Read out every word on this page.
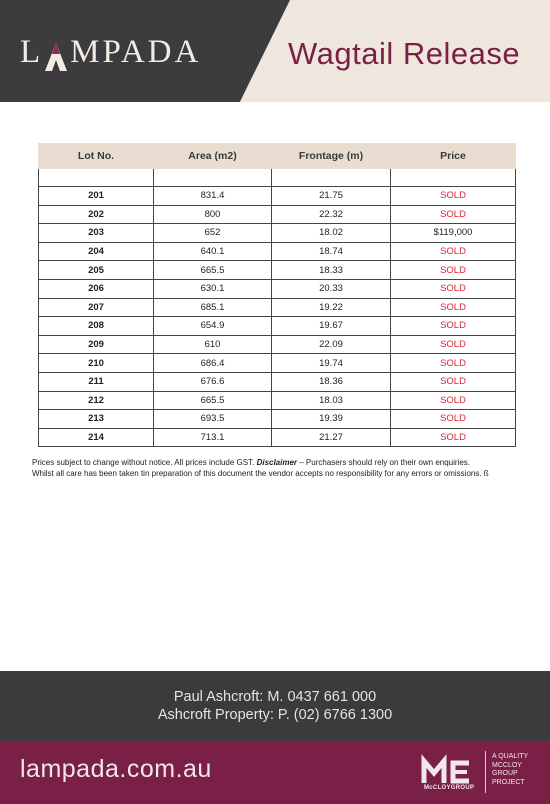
L MPADA	Wagtail Release
Lot No.	Area (m2)	Frontage (m)	Price

201	831.4	21.75	SOLD
202	800	22.32	SOLD
203	652	18.02	$119,000
204	640.1	18.74	SOLD
205	665.5	18.33	SOLD
206	630.1	20.33	SOLD
207	685.1	19.22	SOLD
208	654.9	19.67	SOLD
209	610	22.09	SOLD
210	686.4	19.74	SOLD
211	676.6	18.36	SOLD
212	665.5	18.03	SOLD
213	693.5	19.39	SOLD
214	713.1	21.27	SOLD
Prices subject to change without notice. All prices include GST. Disclaimer – Purchasers should rely on their own enquiries.
Whilst all care has been taken tin preparation of this document the vendor accepts no responsibility for any errors or omissions. ß
Paul Ashcroft: M. 0437 661 000
Ashcroft Property: P. (02) 6766 1300
lampada.com.au
McCLOYGROUP
A QUALITY
MCCLOY
GROUP
PROJECT
